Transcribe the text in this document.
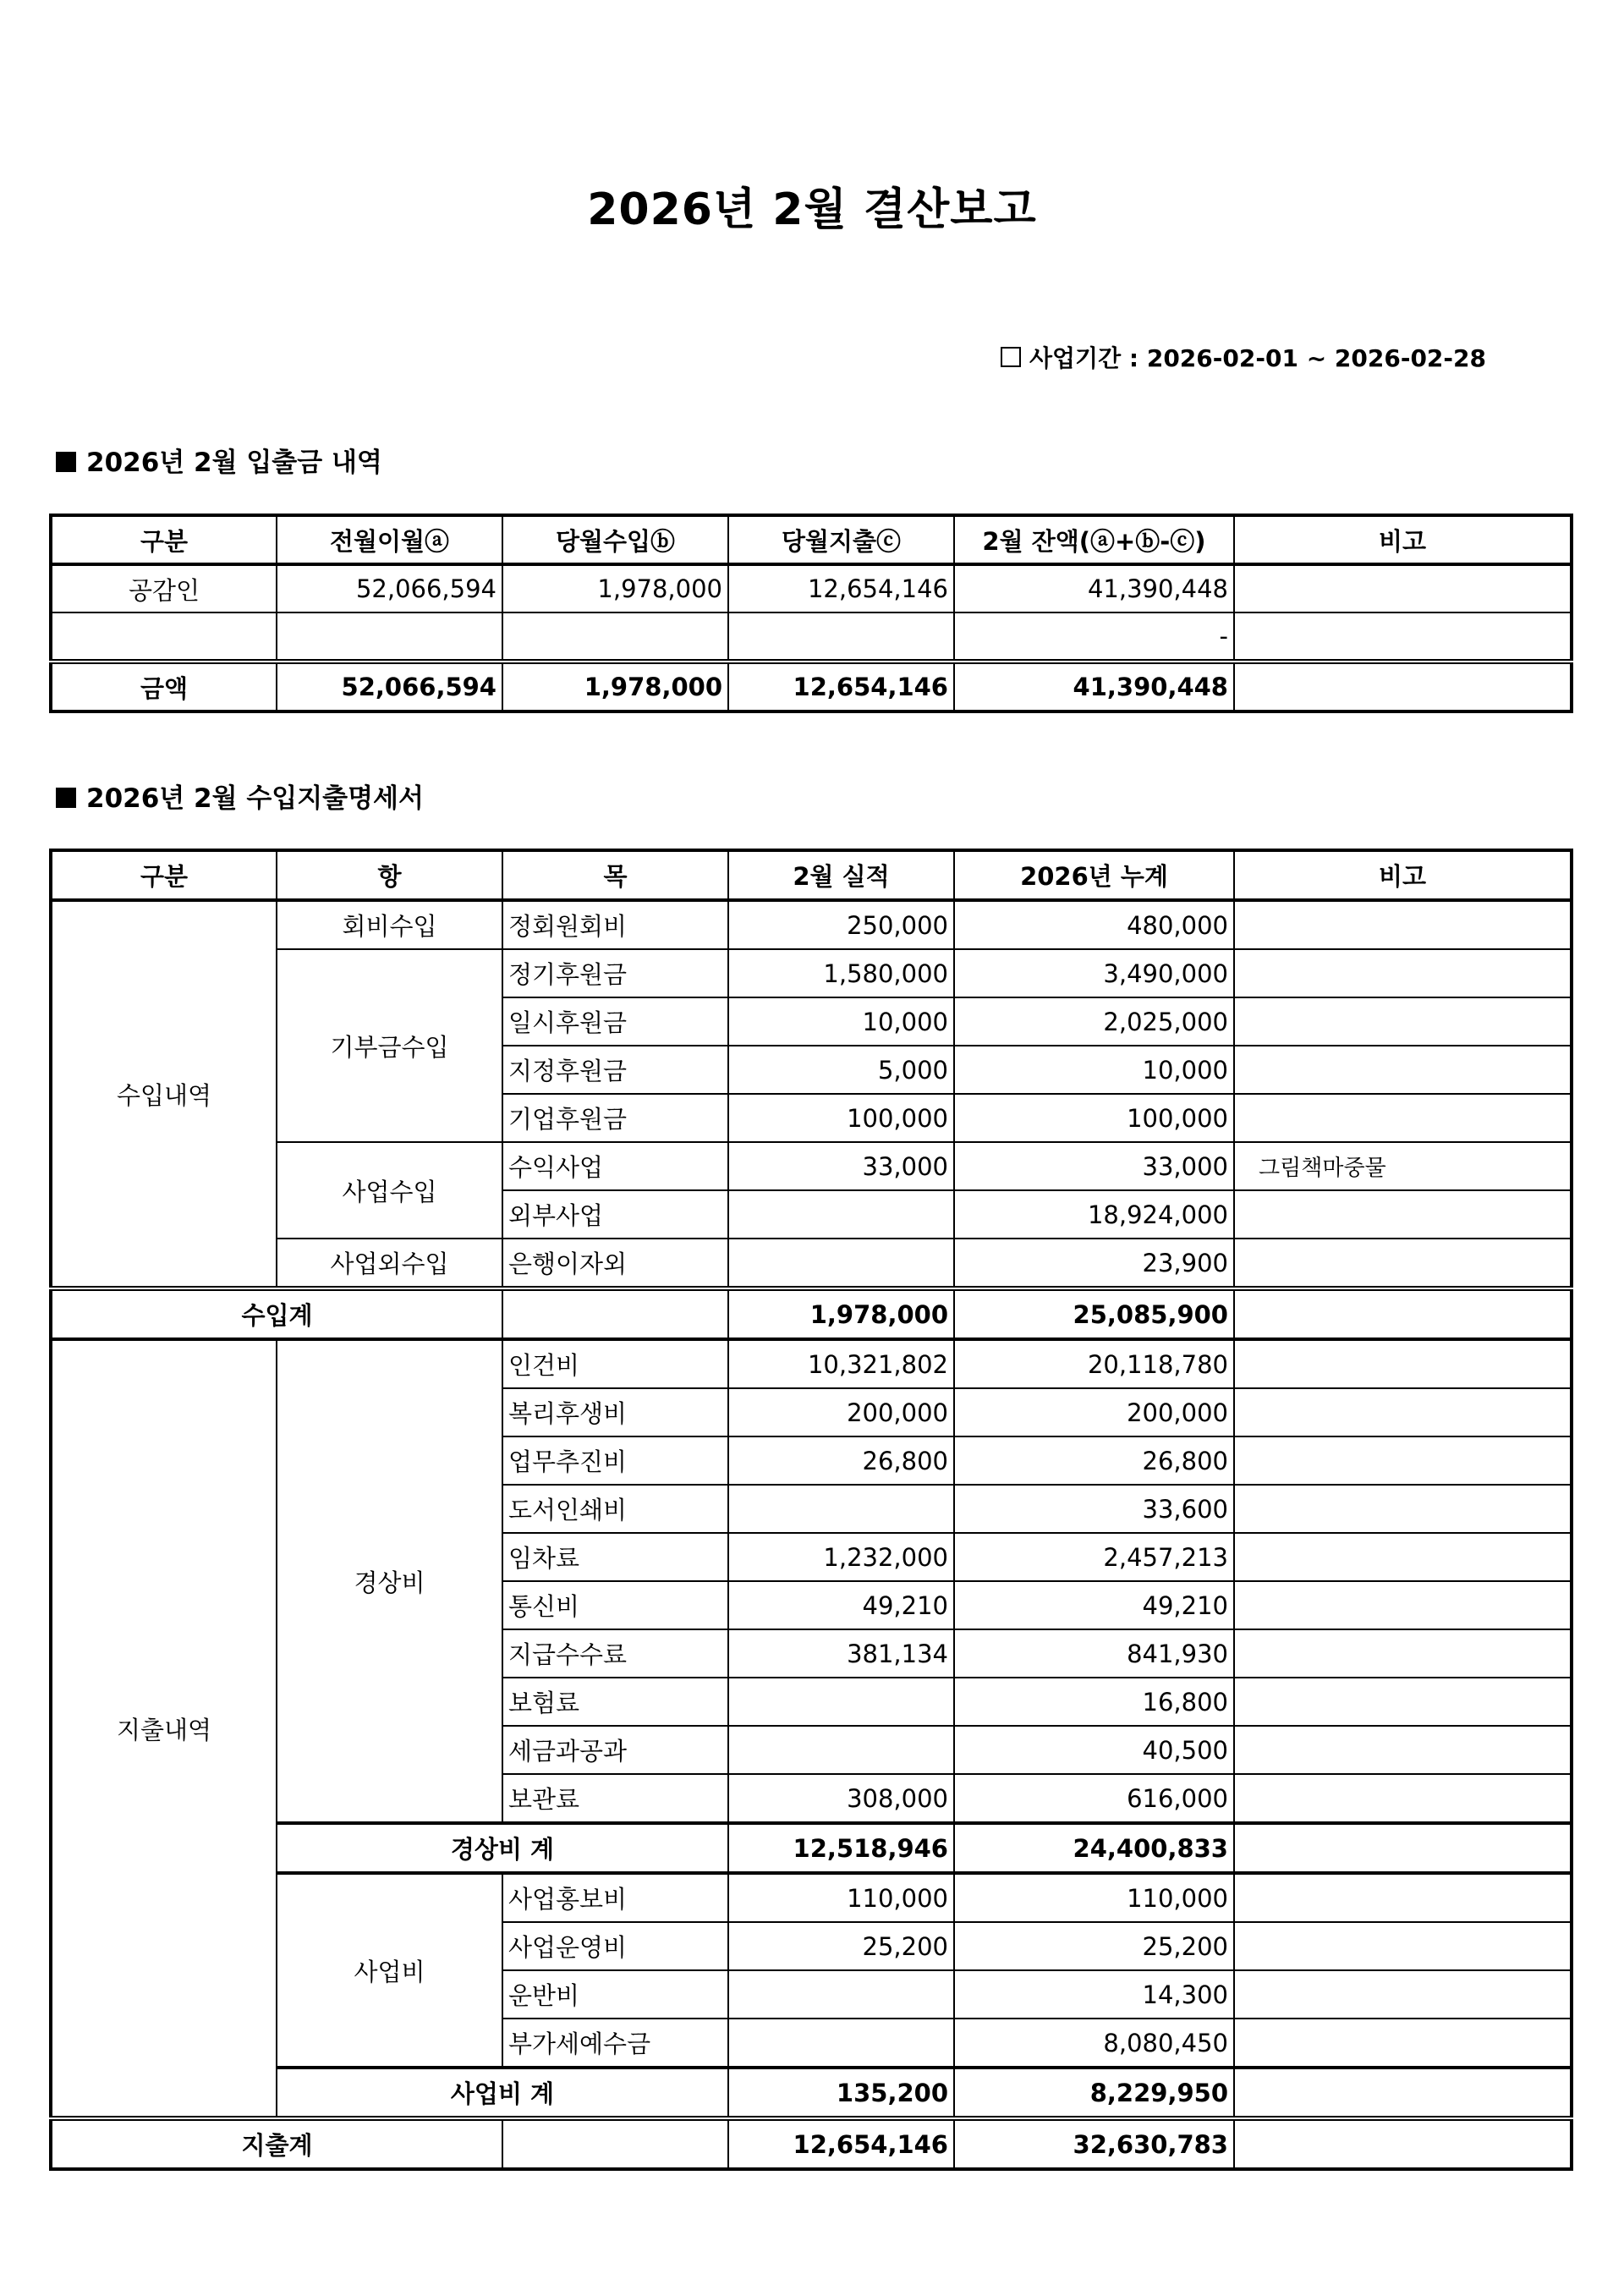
2026년 2월 결산보고
사업기간 : 2026-02-01 ~ 2026-02-28
2026년 2월 입출금 내역
구분	전월이월ⓐ	당월수입ⓑ	당월지출ⓒ	2월 잔액(ⓐ+ⓑ-ⓒ)	비고
공감인	52,066,594	1,978,000	12,654,146	41,390,448	
				-	
금액	52,066,594	1,978,000	12,654,146	41,390,448	
2026년 2월 수입지출명세서
구분	항	목	2월 실적	2026년 누계	비고
수입내역	회비수입	정회원회비	250,000	480,000	
	기부금수입	정기후원금	1,580,000	3,490,000	
		일시후원금	10,000	2,025,000	
		지정후원금	5,000	10,000	
		기업후원금	100,000	100,000	
	사업수입	수익사업	33,000	33,000	그림책마중물
		외부사업		18,924,000	
	사업외수입	은행이자외		23,900	
수입계			1,978,000	25,085,900	
지출내역	경상비	인건비	10,321,802	20,118,780	
		복리후생비	200,000	200,000	
		업무추진비	26,800	26,800	
		도서인쇄비		33,600	
		임차료	1,232,000	2,457,213	
		통신비	49,210	49,210	
		지급수수료	381,134	841,930	
		보험료		16,800	
		세금과공과		40,500	
		보관료	308,000	616,000	
	경상비 계		12,518,946	24,400,833	
	사업비	사업홍보비	110,000	110,000	
		사업운영비	25,200	25,200	
		운반비		14,300	
		부가세예수금		8,080,450	
	사업비 계		135,200	8,229,950	
지출계			12,654,146	32,630,783	
